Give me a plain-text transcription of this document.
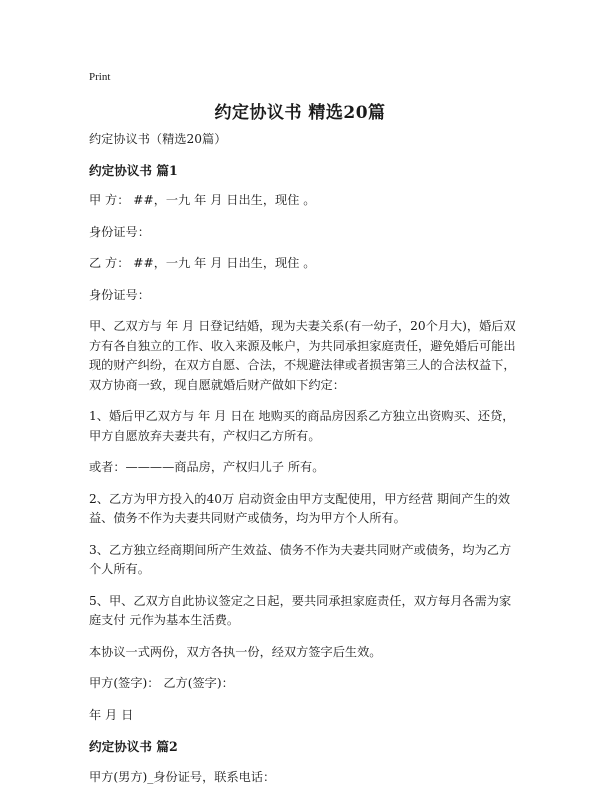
Print
约定协议书 精选20篇

约定协议书（精选20篇）

约定协议书 篇1

甲 方： ##，一九 年 月 日出生，现住 。

身份证号：

乙 方： ##，一九 年 月 日出生，现住 。

身份证号：

甲、乙双方与 年 月 日登记结婚，现为夫妻关系(有一幼子，20个月大)，婚后双方有各自独立的工作、收入来源及帐户，为共同承担家庭责任，避免婚后可能出现的财产纠纷，在双方自愿、合法，不规避法律或者损害第三人的合法权益下，双方协商一致，现自愿就婚后财产做如下约定：

1、婚后甲乙双方与 年 月 日在 地购买的商品房因系乙方独立出资购买、还贷，甲方自愿放弃夫妻共有，产权归乙方所有。

或者：————商品房，产权归儿子 所有。

2、乙方为甲方投入的40万 启动资金由甲方支配使用，甲方经营 期间产生的效益、债务不作为夫妻共同财产或债务，均为甲方个人所有。

3、乙方独立经商期间所产生效益、债务不作为夫妻共同财产或债务，均为乙方个人所有。

5、甲、乙双方自此协议签定之日起，要共同承担家庭责任，双方每月各需为家庭支付 元作为基本生活费。

本协议一式两份，双方各执一份，经双方签字后生效。

甲方(签字)： 乙方(签字)：

年 月 日

约定协议书 篇2

甲方(男方)_身份证号，联系电话：
